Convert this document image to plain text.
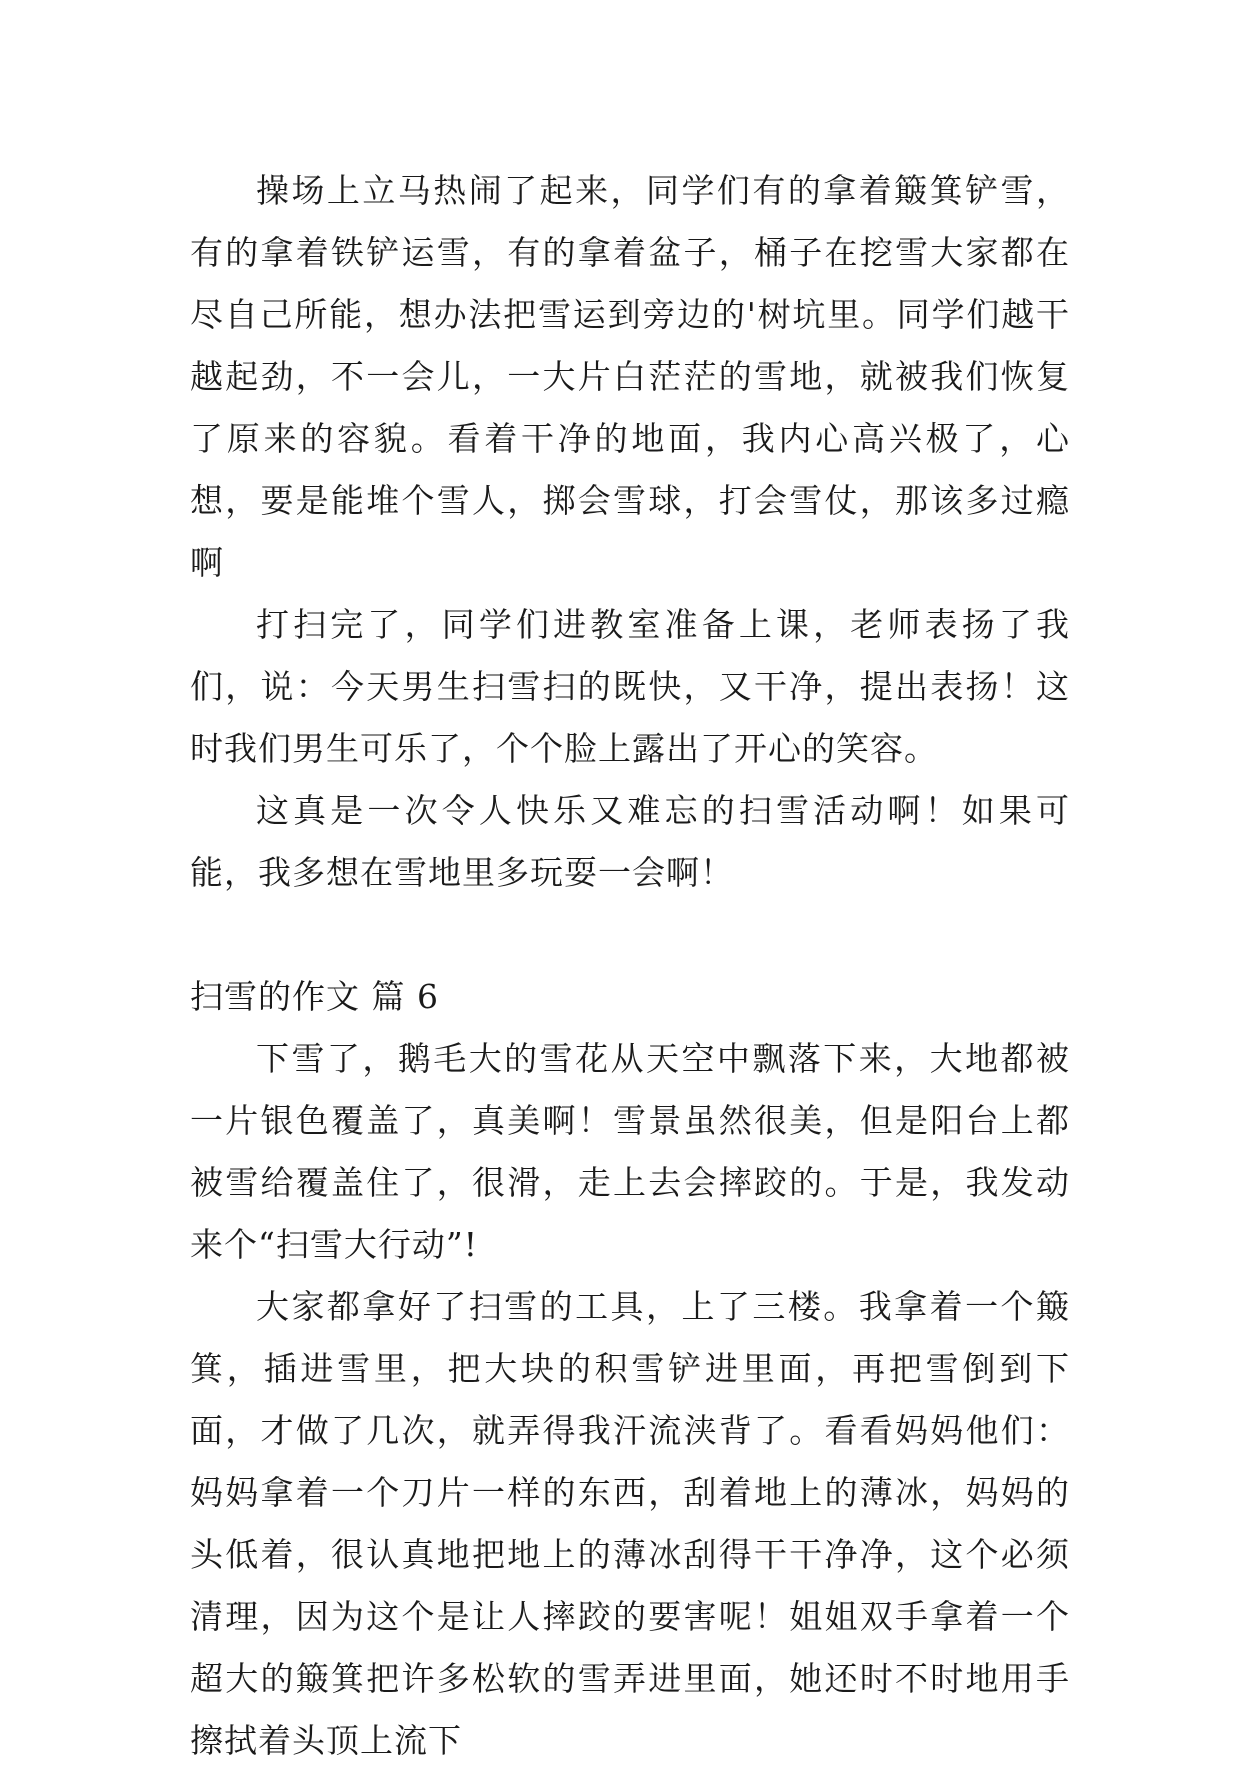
操场上立马热闹了起来，同学们有的拿着簸箕铲雪，有的拿着铁铲运雪，有的拿着盆子，桶子在挖雪大家都在尽自己所能，想办法把雪运到旁边的'树坑里。同学们越干越起劲，不一会儿，一大片白茫茫的雪地，就被我们恢复了原来的容貌。看着干净的地面，我内心高兴极了，心想，要是能堆个雪人，掷会雪球，打会雪仗，那该多过瘾啊

打扫完了，同学们进教室准备上课，老师表扬了我们，说：今天男生扫雪扫的既快，又干净，提出表扬！这时我们男生可乐了，个个脸上露出了开心的笑容。

这真是一次令人快乐又难忘的扫雪活动啊！如果可能，我多想在雪地里多玩耍一会啊！

扫雪的作文 篇 6

下雪了，鹅毛大的雪花从天空中飘落下来，大地都被一片银色覆盖了，真美啊！雪景虽然很美，但是阳台上都被雪给覆盖住了，很滑，走上去会摔跤的。于是，我发动来个“扫雪大行动”!

大家都拿好了扫雪的工具，上了三楼。我拿着一个簸箕，插进雪里，把大块的积雪铲进里面，再把雪倒到下面，才做了几次，就弄得我汗流浃背了。看看妈妈他们：妈妈拿着一个刀片一样的东西，刮着地上的薄冰，妈妈的头低着，很认真地把地上的薄冰刮得干干净净，这个必须清理，因为这个是让人摔跤的要害呢！姐姐双手拿着一个超大的簸箕把许多松软的雪弄进里面，她还时不时地用手擦拭着头顶上流下
